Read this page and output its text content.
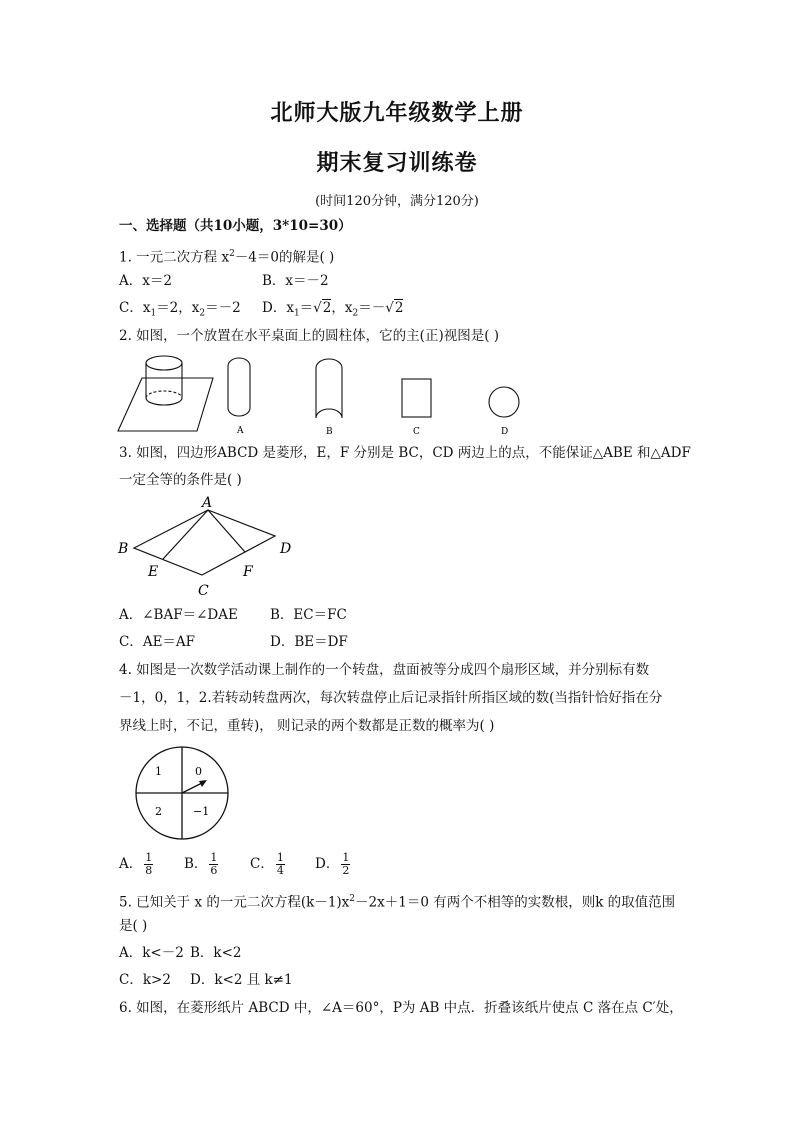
北师大版九年级数学上册
期末复习训练卷
(时间120分钟，满分120分)
一、选择题（共10小题，3*10=30）
1. 一元二次方程 $x^2-4=0$的解是( )
A．x＝2	B．x＝－2
C．$x_1=2$，$x_2=-2$ D．$x_1=√2$，$x_2=-√2$
2. 如图，一个放置在水平桌面上的圆柱体，它的主(正)视图是( )
A	B	C	D
3. 如图，四边形ABCD 是菱形，E，F 分别是 BC，CD 两边上的点，不能保证△ABE 和△ADF
一定全等的条件是( )
A
B
C
D
E	F
A．∠BAF＝∠DAE B．EC＝FC
C．AE＝AF	D．BE＝DF
4. 如图是一次数学活动课上制作的一个转盘，盘面被等分成四个扇形区域，并分别标有数
－1，0，1，2.若转动转盘两次，每次转盘停止后记录指针所指区域的数(当指针恰好指在分
界线上时，不记，重转)， 则记录的两个数都是正数的概率为( )
1	0
2	−1
A． $\frac{1}{8}$ B． $\frac{1}{6}$ C． $\frac{1}{4}$ D． $\frac{1}{2}$
5. 已知关于 x 的一元二次方程$(k-1)x^2-2x+1=0$ 有两个不相等的实数根，则k 的取值范围
是( )
A．k<－2 B．k<2
C．k>2 D．k<2 且 k≠1
6. 如图，在菱形纸片 ABCD 中，∠A＝60°，P为 AB 中点．折叠该纸片使点 C 落在点 C′处，
